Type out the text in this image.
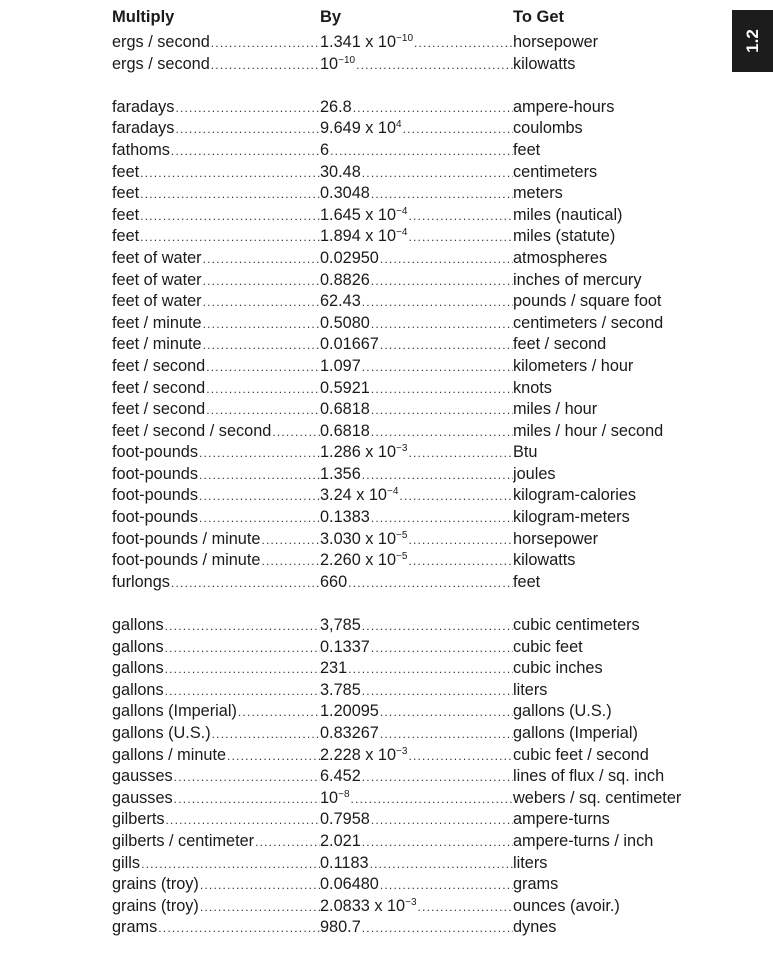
Multiply	By	To Get
1.2
ergs / second .....	1.341 x $10^{-10}$ .....	horsepower
ergs / second .....	$10^{-10}$ .....	kilowatts
faradays .....	26.8 .....	ampere-hours
faradays .....	9.649 x $10^4$ .....	coulombs
fathoms .....	6 .....	feet
feet .....	30.48 .....	centimeters
feet .....	0.3048 .....	meters
feet .....	1.645 x $10^{-4}$ .....	miles (nautical)
feet .....	1.894 x $10^{-4}$ .....	miles (statute)
feet of water .....	0.02950 .....	atmospheres
feet of water .....	0.8826 .....	inches of mercury
feet of water .....	62.43 .....	pounds / square foot
feet / minute .....	0.5080 .....	centimeters / second
feet / minute .....	0.01667 .....	feet / second
feet / second .....	1.097 .....	kilometers / hour
feet / second .....	0.5921 .....	knots
feet / second .....	0.6818 .....	miles / hour
feet / second / second .....	0.6818 .....	miles / hour / second
foot-pounds .....	1.286 x $10^{-3}$ .....	Btu
foot-pounds .....	1.356 .....	joules
foot-pounds .....	3.24 x $10^{-4}$ .....	kilogram-calories
foot-pounds .....	0.1383 .....	kilogram-meters
foot-pounds / minute .....	3.030 x $10^{-5}$ .....	horsepower
foot-pounds / minute .....	2.260 x $10^{-5}$ .....	kilowatts
furlongs .....	660 .....	feet
gallons .....	3,785 .....	cubic centimeters
gallons .....	0.1337 .....	cubic feet
gallons .....	231 .....	cubic inches
gallons .....	3.785 .....	liters
gallons (Imperial) .....	1.20095 .....	gallons (U.S.)
gallons (U.S.) .....	0.83267 .....	gallons (Imperial)
gallons / minute .....	2.228 x $10^{-3}$ .....	cubic feet / second
gausses .....	6.452 .....	lines of flux / sq. inch
gausses .....	$10^{-8}$ .....	webers / sq. centimeter
gilberts .....	0.7958 .....	ampere-turns
gilberts / centimeter .....	2.021 .....	ampere-turns / inch
gills .....	0.1183 .....	liters
grains (troy) .....	0.06480 .....	grams
grains (troy) .....	2.0833 x $10^{-3}$ .....	ounces (avoir.)
grams .....	980.7 .....	dynes
